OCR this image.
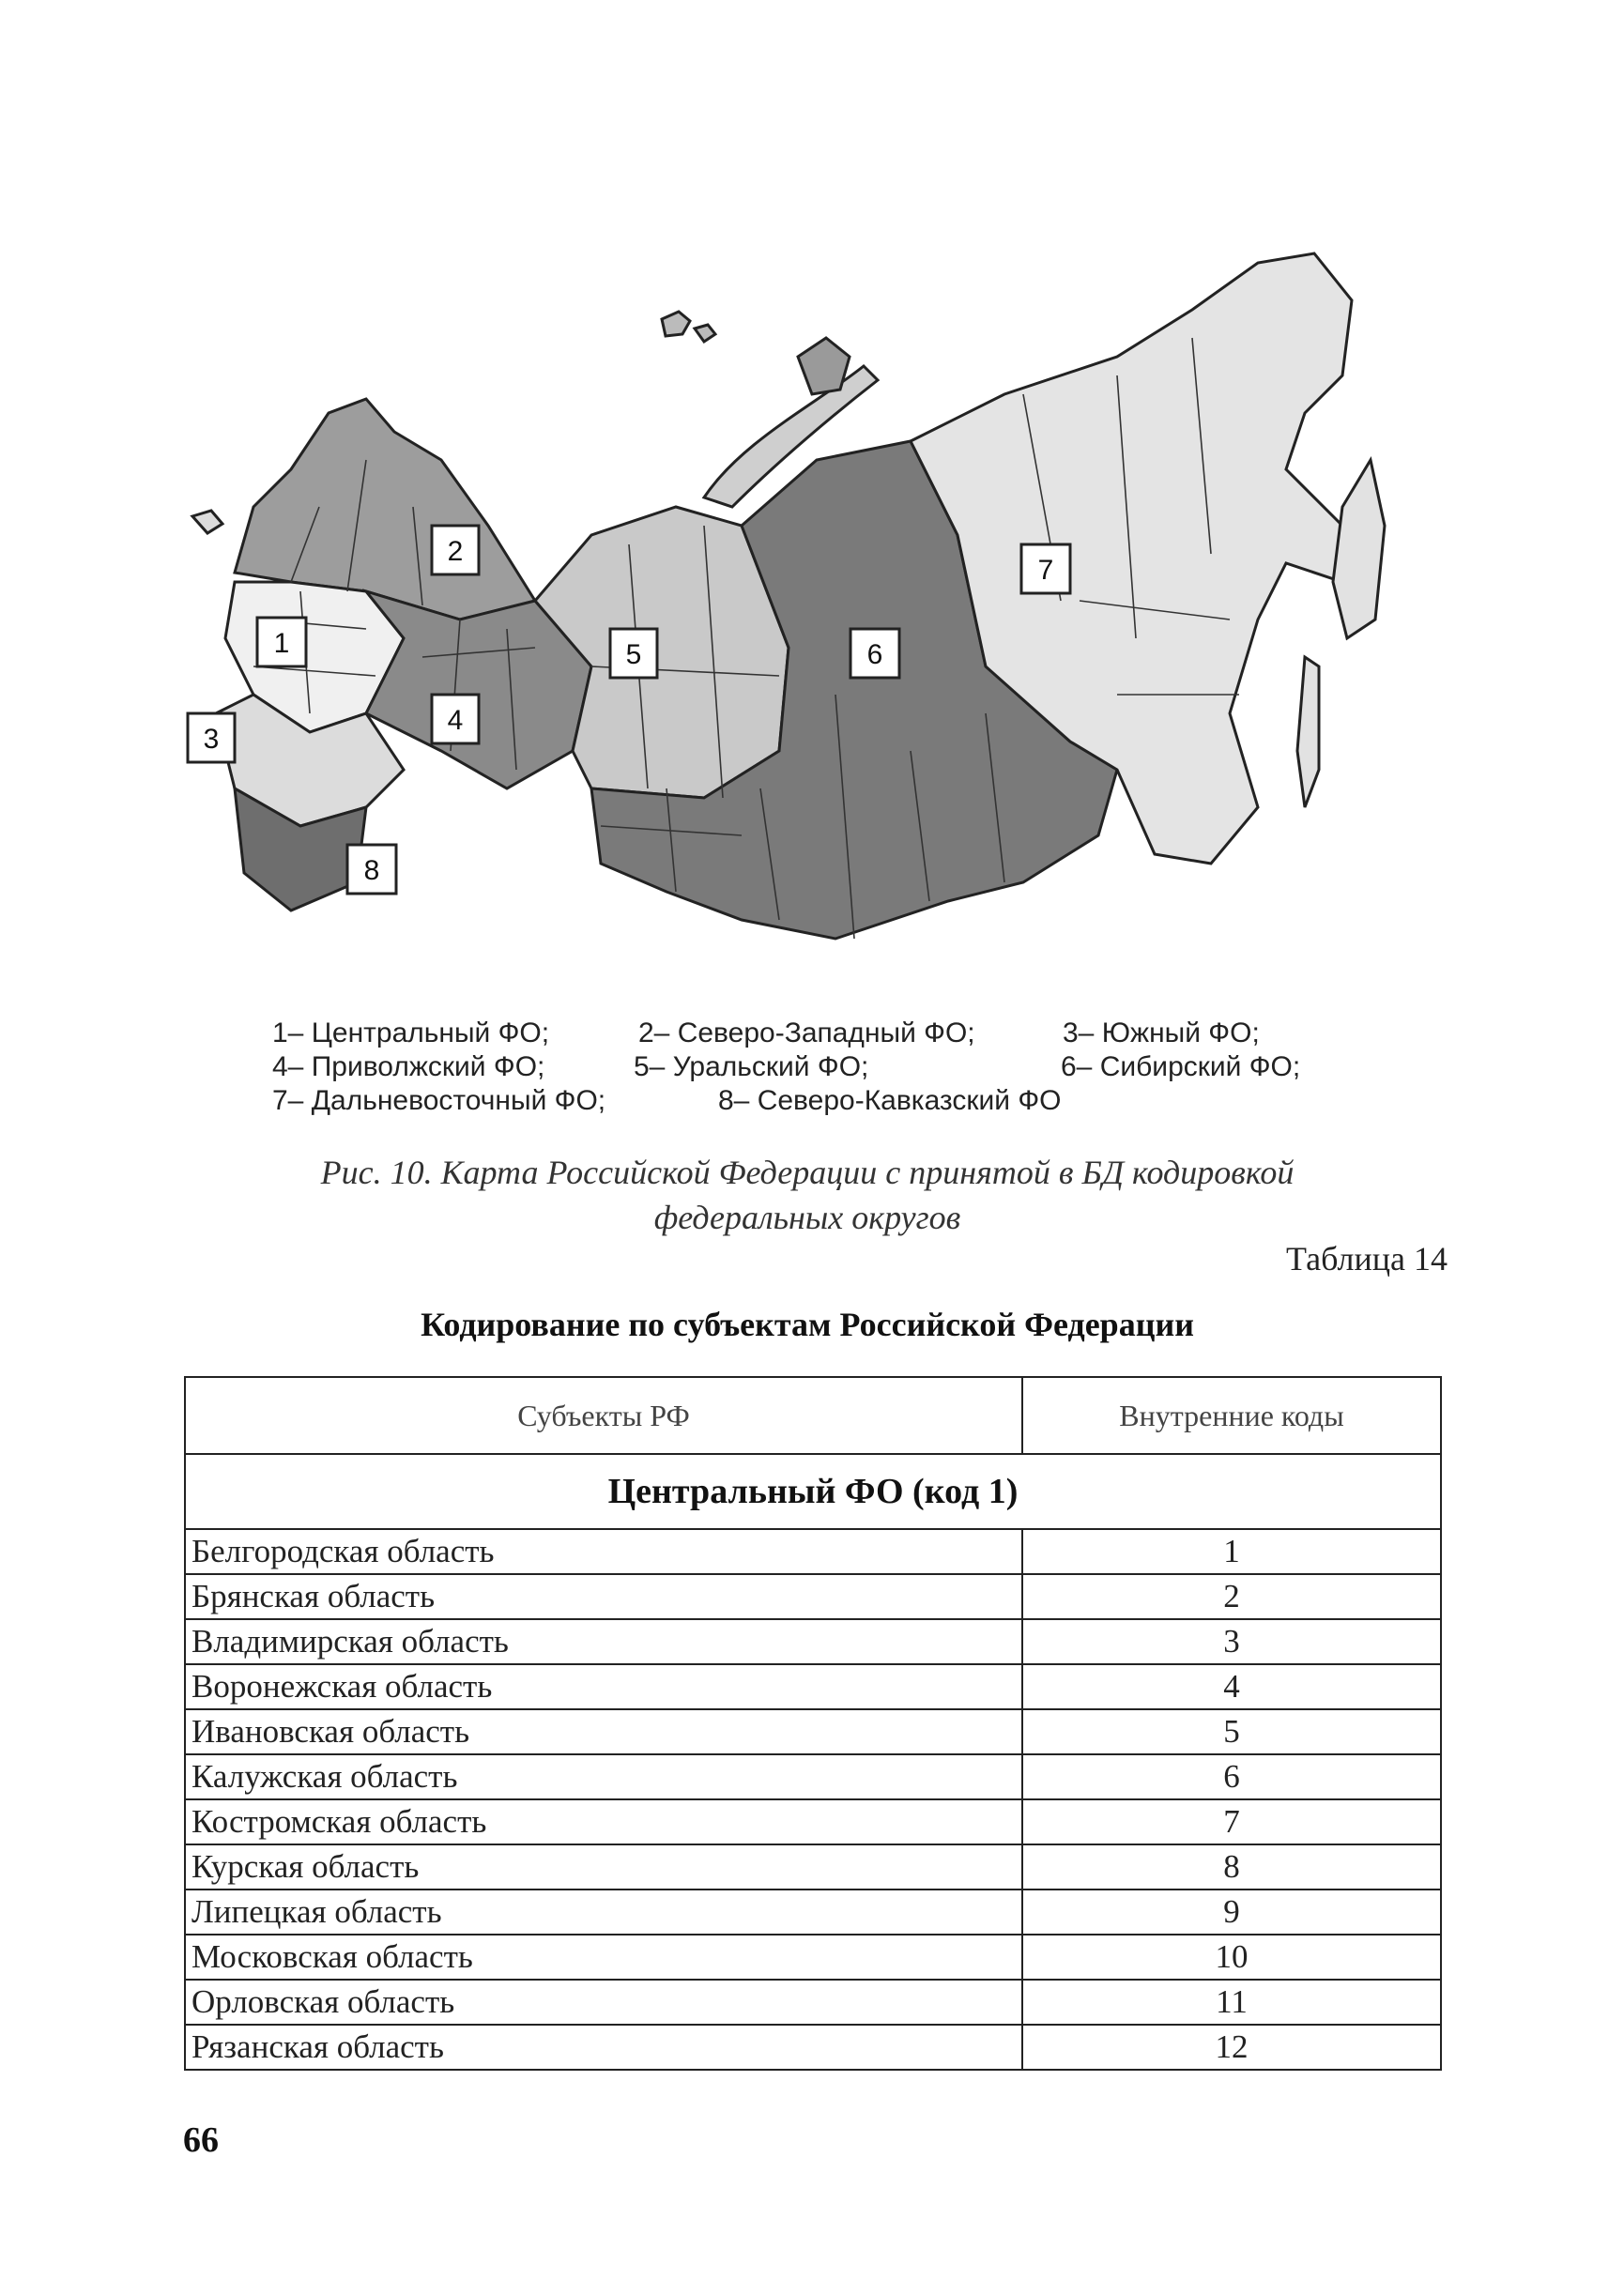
2
1
3
4
5	6
7
8
1– Центральный ФО;	2– Северо-Западный ФО;	3– Южный ФО;
4– Приволжский ФО;	5– Уральский ФО;	6– Сибирский ФО;
7– Дальневосточный ФО;	8– Северо-Кавказский ФО
Рис. 10. Карта Российской Федерации с принятой в БД кодировкой
федеральных округов
Таблица 14
Кодирование по субъектам Российской Федерации
Субъекты РФ	Внутренние коды
Центральный ФО (код 1)	
Белгородская область	1
Брянская область	2
Владимирская область	3
Воронежская область	4
Ивановская область	5
Калужская область	6
Костромская область	7
Курская область	8
Липецкая область	9
Московская область	10
Орловская область	11
Рязанская область	12
66
